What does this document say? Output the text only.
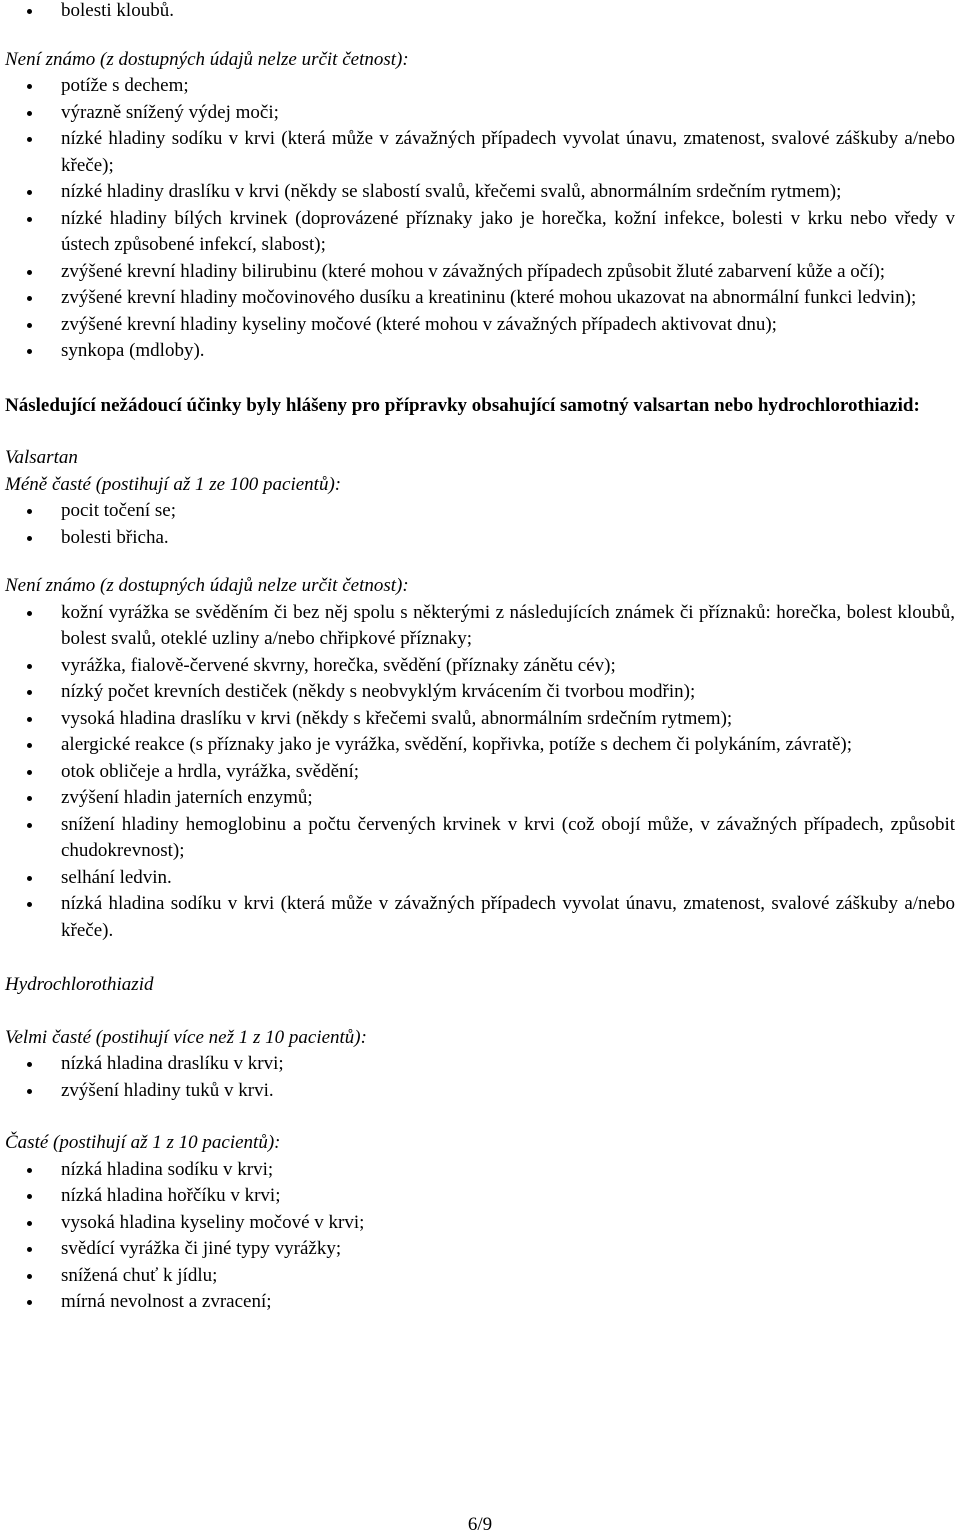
bolesti kloubů.

Není známo (z dostupných údajů nelze určit četnost):

potíže s dechem;
výrazně snížený výdej moči;
nízké hladiny sodíku v krvi (která může v závažných případech vyvolat únavu, zmatenost, svalové záškuby a/nebo křeče);
nízké hladiny draslíku v krvi (někdy se slabostí svalů, křečemi svalů, abnormálním srdečním rytmem);
nízké hladiny bílých krvinek (doprovázené příznaky jako je horečka, kožní infekce, bolesti v krku nebo vředy v ústech způsobené infekcí, slabost);
zvýšené krevní hladiny bilirubinu (které mohou v závažných případech způsobit žluté zabarvení kůže a očí);
zvýšené krevní hladiny močovinového dusíku a kreatininu (které mohou ukazovat na abnormální funkci ledvin);
zvýšené krevní hladiny kyseliny močové (které mohou v závažných případech aktivovat dnu);
synkopa (mdloby).

Následující nežádoucí účinky byly hlášeny pro přípravky obsahující samotný valsartan nebo hydrochlorothiazid:

Valsartan

Méně časté (postihují až 1 ze 100 pacientů):

pocit točení se;
bolesti břicha.

Není známo (z dostupných údajů nelze určit četnost):

kožní vyrážka se svěděním či bez něj spolu s některými z následujících známek či příznaků: horečka, bolest kloubů, bolest svalů, oteklé uzliny a/nebo chřipkové příznaky;
vyrážka, fialově-červené skvrny, horečka, svědění (příznaky zánětu cév);
nízký počet krevních destiček (někdy s neobvyklým krvácením či tvorbou modřin);
vysoká hladina draslíku v krvi (někdy s křečemi svalů, abnormálním srdečním rytmem);
alergické reakce (s příznaky jako je vyrážka, svědění, kopřivka, potíže s dechem či polykáním, závratě);
otok obličeje a hrdla, vyrážka, svědění;
zvýšení hladin jaterních enzymů;
snížení hladiny hemoglobinu a počtu červených krvinek v krvi (což obojí může, v závažných případech, způsobit chudokrevnost);
selhání ledvin.
nízká hladina sodíku v krvi (která může v závažných případech vyvolat únavu, zmatenost, svalové záškuby a/nebo křeče).

Hydrochlorothiazid

Velmi časté (postihují více než 1 z 10 pacientů):

nízká hladina draslíku v krvi;
zvýšení hladiny tuků v krvi.

Časté (postihují až 1 z 10 pacientů):

nízká hladina sodíku v krvi;
nízká hladina hořčíku v krvi;
vysoká hladina kyseliny močové v krvi;
svědící vyrážka či jiné typy vyrážky;
snížená chuť k jídlu;
mírná nevolnost a zvracení;
6/9
